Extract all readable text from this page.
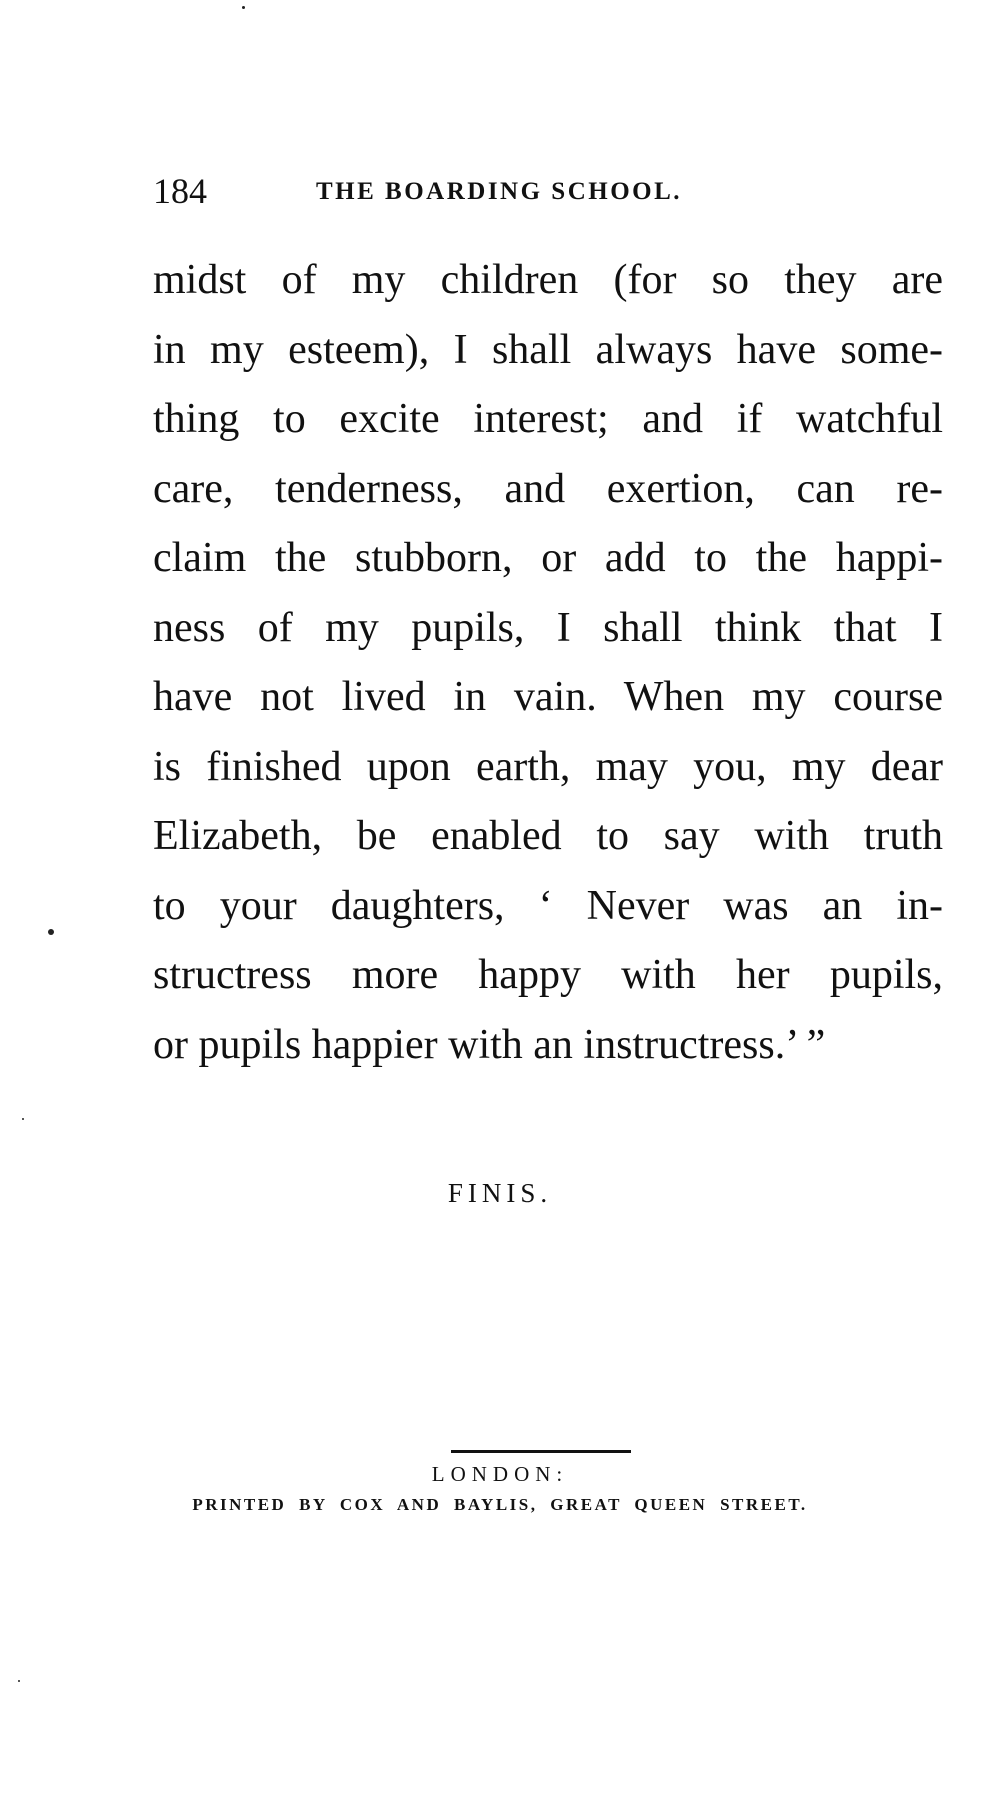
184	THE BOARDING SCHOOL.
midst of my children (for so they are
in my esteem), I shall always have some-
thing to excite interest; and if watchful
care, tenderness, and exertion, can re-
claim the stubborn, or add to the happi-
ness of my pupils, I shall think that I
have not lived in vain. When my course
is finished upon earth, may you, my dear
Elizabeth, be enabled to say with truth
to your daughters, ‘ Never was an in-
structress more happy with her pupils,
or pupils happier with an instructress.’ ”
FINIS.
LONDON:
PRINTED BY COX AND BAYLIS, GREAT QUEEN STREET.
